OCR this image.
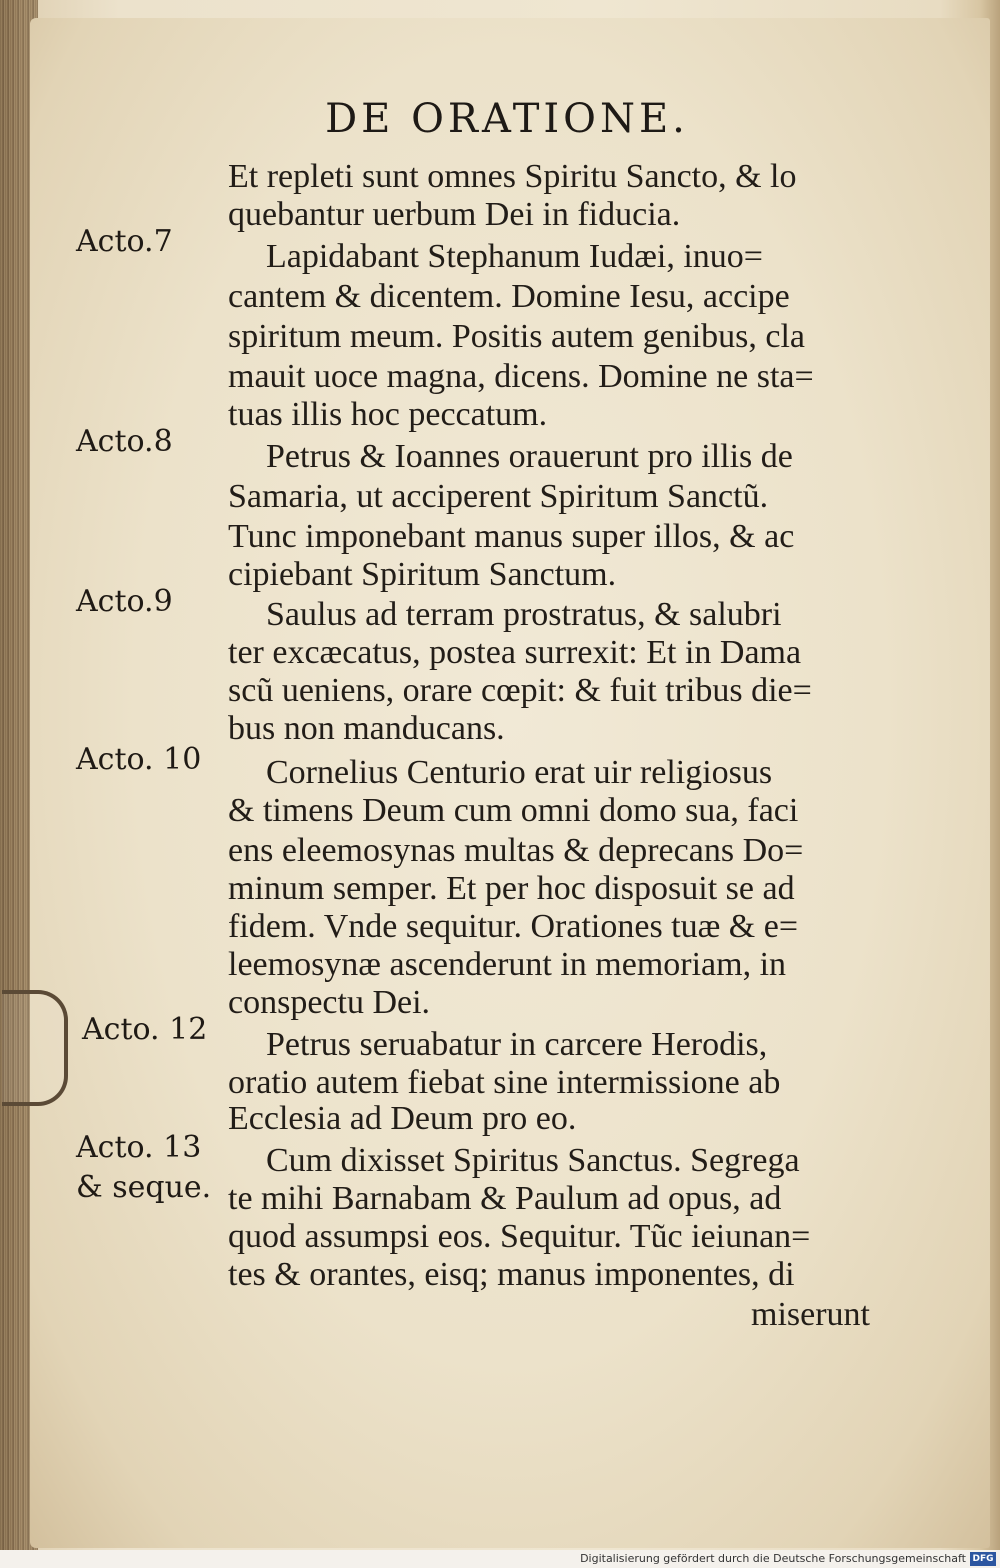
DE ORATIONE.
Acto.7
Acto.8
Acto.9
Acto. 10
Acto. 12
Acto. 13
& seque.
Et repleti sunt omnes Spiritu Sancto, & lo
quebantur uerbum Dei in fiducia.
Lapidabant Stephanum Iudæi, inuo=
cantem & dicentem. Domine Iesu, accipe
spiritum meum. Positis autem genibus, cla
mauit uoce magna, dicens. Domine ne sta=
tuas illis hoc peccatum.
Petrus & Ioannes orauerunt pro illis de
Samaria, ut acciperent Spiritum Sanctũ.
Tunc imponebant manus super illos, & ac
cipiebant Spiritum Sanctum.
Saulus ad terram prostratus, & salubri
ter excæcatus, postea surrexit: Et in Dama
scũ ueniens, orare cœpit: & fuit tribus die=
bus non manducans.
Cornelius Centurio erat uir religiosus
& timens Deum cum omni domo sua, faci
ens eleemosynas multas & deprecans Do=
minum semper. Et per hoc disposuit se ad
fidem. Vnde sequitur. Orationes tuæ & e=
leemosynæ ascenderunt in memoriam, in
conspectu Dei.
Petrus seruabatur in carcere Herodis,
oratio autem fiebat sine intermissione ab
Ecclesia ad Deum pro eo.
Cum dixisset Spiritus Sanctus. Segrega
te mihi Barnabam & Paulum ad opus, ad
quod assumpsi eos. Sequitur. Tũc ieiunan=
tes & orantes, eisq; manus imponentes, di
miserunt
Digitalisierung gefördert durch die Deutsche Forschungsgemeinschaft DFG
